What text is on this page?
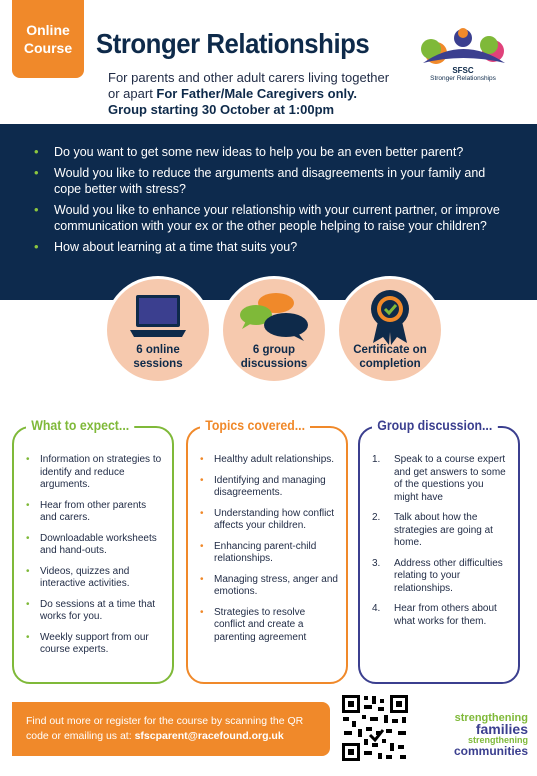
Online
Course Stronger Relationships
For parents and other adult carers living together or apart For Father/Male Caregivers only. Group starting 30 October at 1:00pm
SFSC
Stronger Relationships
• Do you want to get some new ideas to help you be an even better parent?
• Would you like to reduce the arguments and disagreements in your family and cope better with stress?
• Would you like to enhance your relationship with your current partner, or improve communication with your ex or the other people helping to raise your children?
• How about learning at a time that suits you?
6 online sessions
6 group discussions
Certificate on completion
What to expect...
• Information on strategies to identify and reduce arguments.
• Hear from other parents and carers.
• Downloadable worksheets and hand-outs.
• Videos, quizzes and interactive activities.
• Do sessions at a time that works for you.
• Weekly support from our course experts.
Topics covered...
• Healthy adult relationships.
• Identifying and managing disagreements.
• Understanding how conflict affects your children.
• Enhancing parent-child relationships.
• Managing stress, anger and emotions.
• Strategies to resolve conflict and create a parenting agreement
Group discussion...
1. Speak to a course expert and get answers to some of the questions you might have
2. Talk about how the strategies are going at home.
3. Address other difficulties relating to your relationships.
4. Hear from others about what works for them.
Find out more or register for the course by scanning the QR code or emailing us at: sfscparent@racefound.org.uk
strengthening
families
strengthening
communities
